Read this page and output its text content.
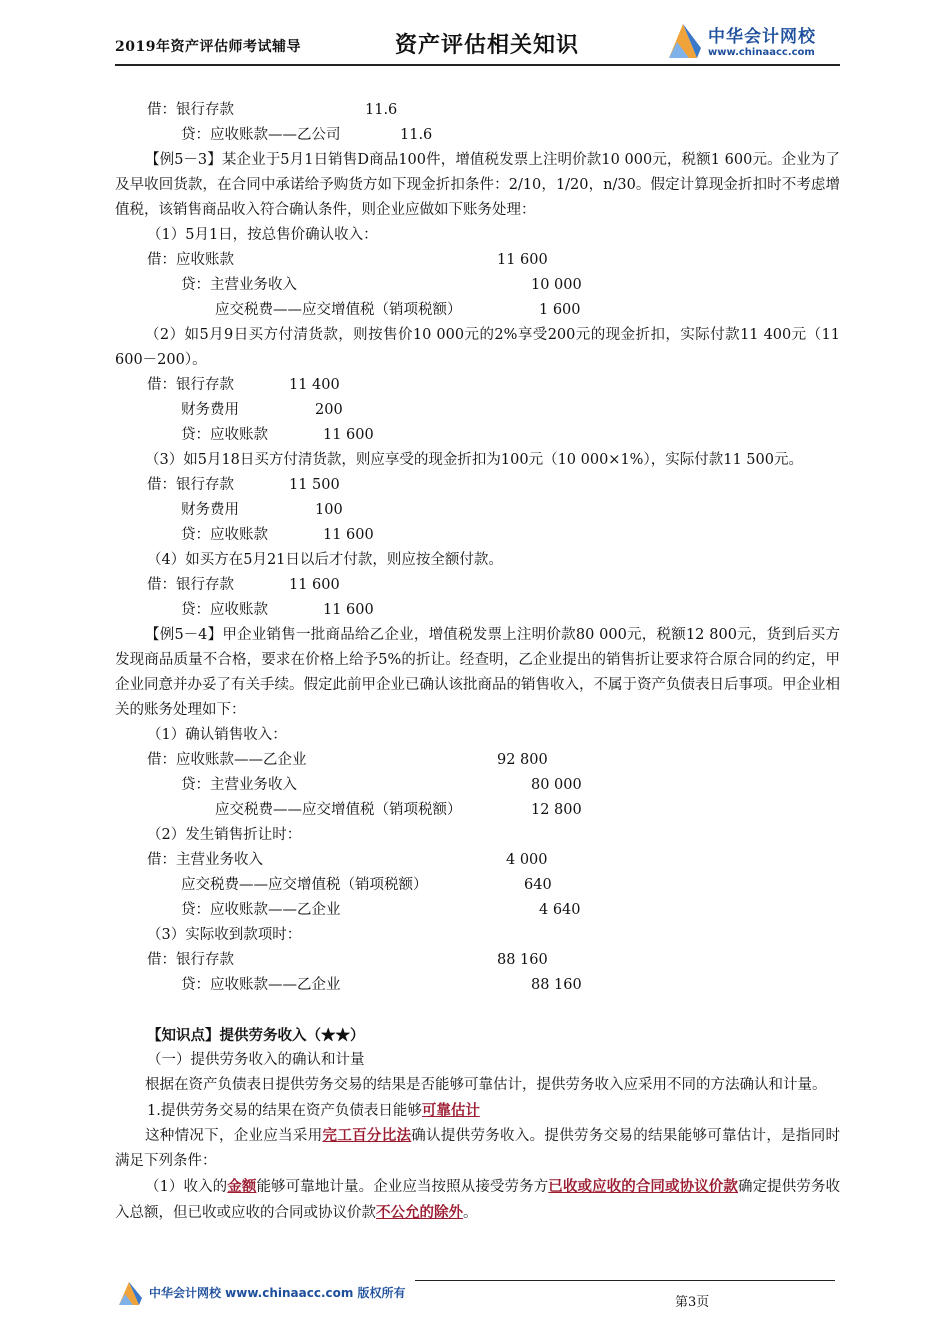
2019年资产评估师考试辅导	资产评估相关知识	中华会计网校
www.chinaacc.com
借：银行存款	11.6
贷：应收账款——乙公司	11.6
【例5－3】某企业于5月1日销售D商品100件，增值税发票上注明价款10 000元，税额1 600元。企业为了及早收回货款，在合同中承诺给予购货方如下现金折扣条件：2/10，1/20，n/30。假定计算现金折扣时不考虑增值税，该销售商品收入符合确认条件，则企业应做如下账务处理：
（1）5月1日，按总售价确认收入：
借：应收账款	11 600
贷：主营业务收入	10 000
应交税费——应交增值税（销项税额）	1 600
（2）如5月9日买方付清货款，则按售价10 000元的2%享受200元的现金折扣，实际付款11 400元（11 600－200）。
借：银行存款	11 400
财务费用	200
贷：应收账款	11 600
（3）如5月18日买方付清货款，则应享受的现金折扣为100元（10 000×1%），实际付款11 500元。
借：银行存款	11 500
财务费用	100
贷：应收账款	11 600
（4）如买方在5月21日以后才付款，则应按全额付款。
借：银行存款	11 600
贷：应收账款	11 600
【例5－4】甲企业销售一批商品给乙企业，增值税发票上注明价款80 000元，税额12 800元，货到后买方发现商品质量不合格，要求在价格上给予5%的折让。经查明，乙企业提出的销售折让要求符合原合同的约定，甲企业同意并办妥了有关手续。假定此前甲企业已确认该批商品的销售收入，不属于资产负债表日后事项。甲企业相关的账务处理如下：
（1）确认销售收入：
借：应收账款——乙企业	92 800
贷：主营业务收入	80 000
应交税费——应交增值税（销项税额）	12 800
（2）发生销售折让时：
借：主营业务收入	4 000
应交税费——应交增值税（销项税额）	640
贷：应收账款——乙企业	4 640
（3）实际收到款项时：
借：银行存款	88 160
贷：应收账款——乙企业	88 160
【知识点】提供劳务收入（★★）
（一）提供劳务收入的确认和计量
根据在资产负债表日提供劳务交易的结果是否能够可靠估计，提供劳务收入应采用不同的方法确认和计量。
1.提供劳务交易的结果在资产负债表日能够可靠估计
这种情况下，企业应当采用完工百分比法确认提供劳务收入。提供劳务交易的结果能够可靠估计，是指同时满足下列条件：
（1）收入的金额能够可靠地计量。企业应当按照从接受劳务方已收或应收的合同或协议价款确定提供劳务收入总额，但已收或应收的合同或协议价款不公允的除外。
中华会计网校 www.chinaacc.com 版权所有
第3页
